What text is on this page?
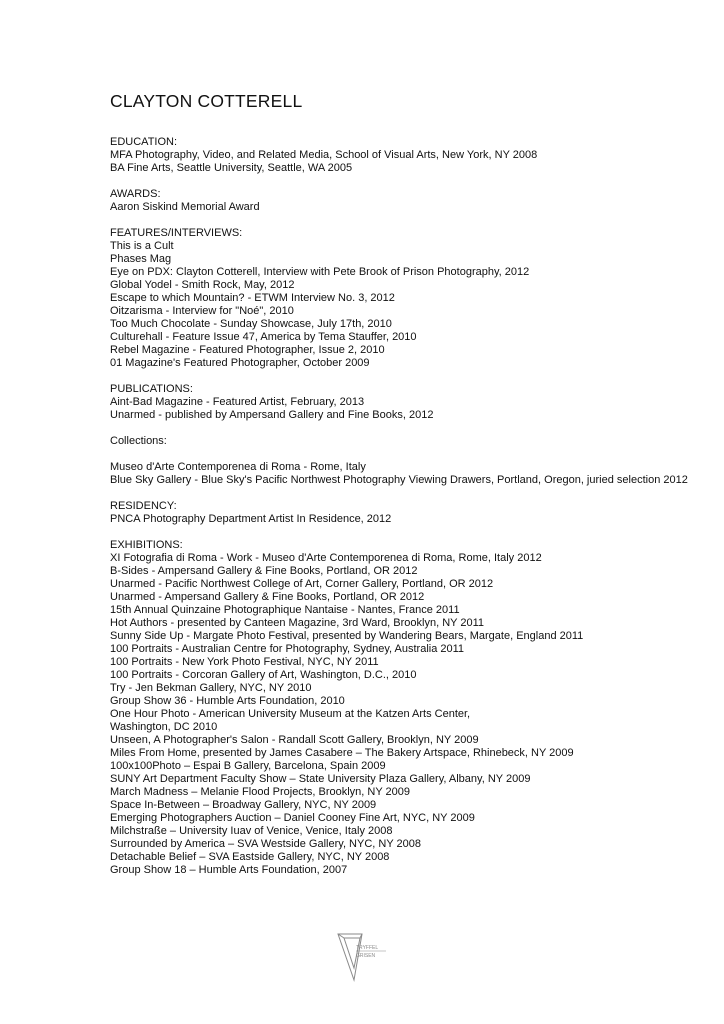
CLAYTON COTTERELL
EDUCATION:
MFA Photography, Video, and Related Media, School of Visual Arts, New York, NY 2008
BA Fine Arts, Seattle University, Seattle, WA 2005
AWARDS:
Aaron Siskind Memorial Award
FEATURES/INTERVIEWS:
This is a Cult
Phases Mag
Eye on PDX: Clayton Cotterell, Interview with Pete Brook of Prison Photography, 2012
Global Yodel - Smith Rock, May, 2012
Escape to which Mountain? - ETWM Interview No. 3, 2012
Oitzarisma - Interview for "Noé", 2010
Too Much Chocolate - Sunday Showcase, July 17th, 2010
Culturehall - Feature Issue 47, America by Tema Stauffer, 2010
Rebel Magazine - Featured Photographer, Issue 2, 2010
01 Magazine's Featured Photographer, October 2009
PUBLICATIONS:
Aint-Bad Magazine - Featured Artist, February, 2013
Unarmed - published by Ampersand Gallery and Fine Books, 2012
Collections:
Museo d'Arte Contemporenea di Roma - Rome, Italy
Blue Sky Gallery - Blue Sky's Pacific Northwest Photography Viewing Drawers, Portland, Oregon, juried selection 2012
RESIDENCY:
PNCA Photography Department Artist In Residence, 2012
EXHIBITIONS:
XI Fotografia di Roma - Work - Museo d'Arte Contemporenea di Roma, Rome, Italy 2012
B-Sides - Ampersand Gallery & Fine Books, Portland, OR 2012
Unarmed - Pacific Northwest College of Art, Corner Gallery, Portland, OR 2012
Unarmed - Ampersand Gallery & Fine Books, Portland, OR 2012
15th Annual Quinzaine Photographique Nantaise - Nantes, France 2011
Hot Authors - presented by Canteen Magazine, 3rd Ward, Brooklyn, NY 2011
Sunny Side Up - Margate Photo Festival, presented by Wandering Bears, Margate, England 2011
100 Portraits - Australian Centre for Photography, Sydney, Australia 2011
100 Portraits - New York Photo Festival, NYC, NY 2011
100 Portraits - Corcoran Gallery of Art, Washington, D.C., 2010
Try - Jen Bekman Gallery, NYC, NY 2010
Group Show 36 - Humble Arts Foundation, 2010
One Hour Photo - American University Museum at the Katzen Arts Center,
Washington, DC 2010
Unseen, A Photographer's Salon - Randall Scott Gallery, Brooklyn, NY 2009
Miles From Home, presented by James Casabere – The Bakery Artspace, Rhinebeck, NY 2009
100x100Photo – Espai B Gallery, Barcelona, Spain 2009
SUNY Art Department Faculty Show – State University Plaza Gallery, Albany, NY 2009
March Madness – Melanie Flood Projects, Brooklyn, NY 2009
Space In-Between – Broadway Gallery, NYC, NY 2009
Emerging Photographers Auction – Daniel Cooney Fine Art, NYC, NY 2009
Milchstraße – University Iuav of Venice, Venice, Italy 2008
Surrounded by America – SVA Westside Gallery, NYC, NY 2008
Detachable Belief – SVA Eastside Gallery, NYC, NY 2008
Group Show 18 – Humble Arts Foundation, 2007
TRYFFEL
GRISEN
